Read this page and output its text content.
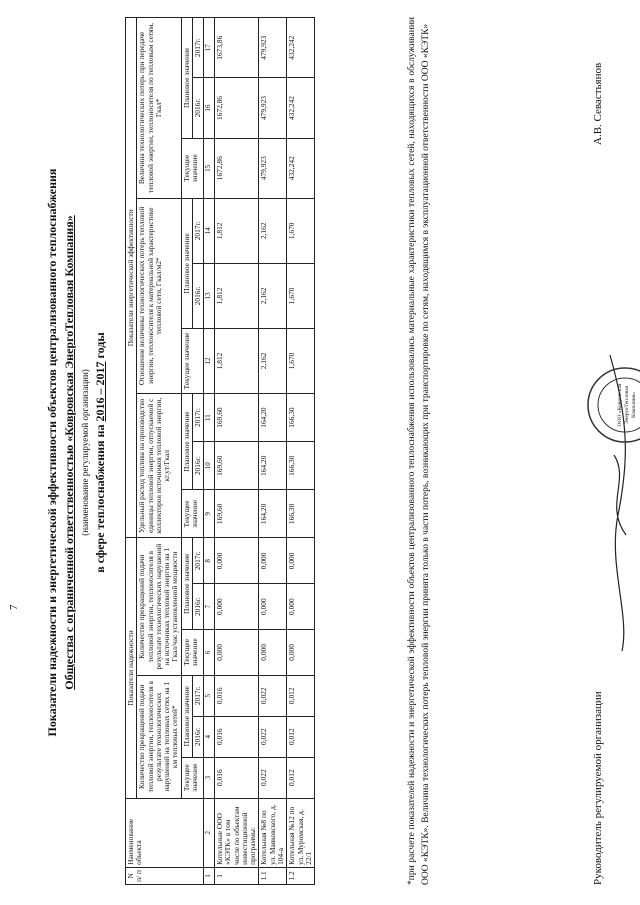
7 Показатели надежности и энергетической эффективности объектов централизованного теплоснабжения Общества с ограниченной ответственностью «Ковровская ЭнергоТепловая Компания» (наименование регулируемой организации) в сфере теплоснабжения на 2016 – 2017 годы
N п/ п	Наименование объекта	Показатели надежности						Показатели энергетической эффективности								
		Количество прекращений подачи тепловой энергии, теплоносителя в результате технологических нарушений на тепловых сетях на 1 км тепловых сетей*			Количество прекращений подачи тепловой энергии, теплоносителя в результате технологических нарушений на источниках тепловой энергии на 1 Гкал/час установленной мощности			Удельный расход топлива на производство единицы тепловой энергии, отпускаемой с коллекторов источников тепловой энергии, кг.ут/Гкал			Отношение величины технологических потерь тепловой энергии, теплоносителя к материальной характеристике тепловой сети, Гкал/м2*			Величина технологических потерь при передаче тепловой энергии, теплоносителя по тепловым сетям, Гкал*		
		Текущее значение	Плановое значение		Текущее значение	Плановое значение		Текущее значение	Плановое значение		Текущее значение	Плановое значение		Текущее значение	Плановое значение	
			2016г.	2017г.		2016г.	2017г.		2016г.	2017г.		2016г.	2017г.		2016г.	2017г.
1	2	3	4	5	6	7	8	9	10	11	12	13	14	15	16	17
1	Котельные ООО «КЭТК» в том числе по объектам инвестиционной программы:	0,016	0,016	0,016	0,000	0,000	0,000	169,60	169,60	169,60	1,812	1,812	1,812	1672,86	1672,86	1673,86
1.1	Котельная №8 по ул. Маяковского, д. 104-а	0,022	0,022	0,022	0,000	0,000	0,000	164,20	164,20	164,20	2,162	2,162	2,162	479,923	479,923	479,923
1.2	Котельная №12 по ул. Муромская, д. 22/1	0,012	0,012	0,012	0,000	0,000	0,000	166,30	166,30	166,30	1,670	1,670	1,670	432,242	432,242	432,242	*при расчете показателей надежности и энергетической эффективности объектов централизованного теплоснабжения использовались материальные характеристики тепловых сетей, находящихся в обслуживании ООО «КЭТК». Величина технологических потерь тепловой энергии принята только в части потерь, возникающих при транспортировке по сетям, находящимся в эксплуатационной ответственности ООО «КЭТК»	Руководитель регулируемой организации
ООО «Ковровская ЭнергоТепловая Компания»
А.В. Севастьянов
